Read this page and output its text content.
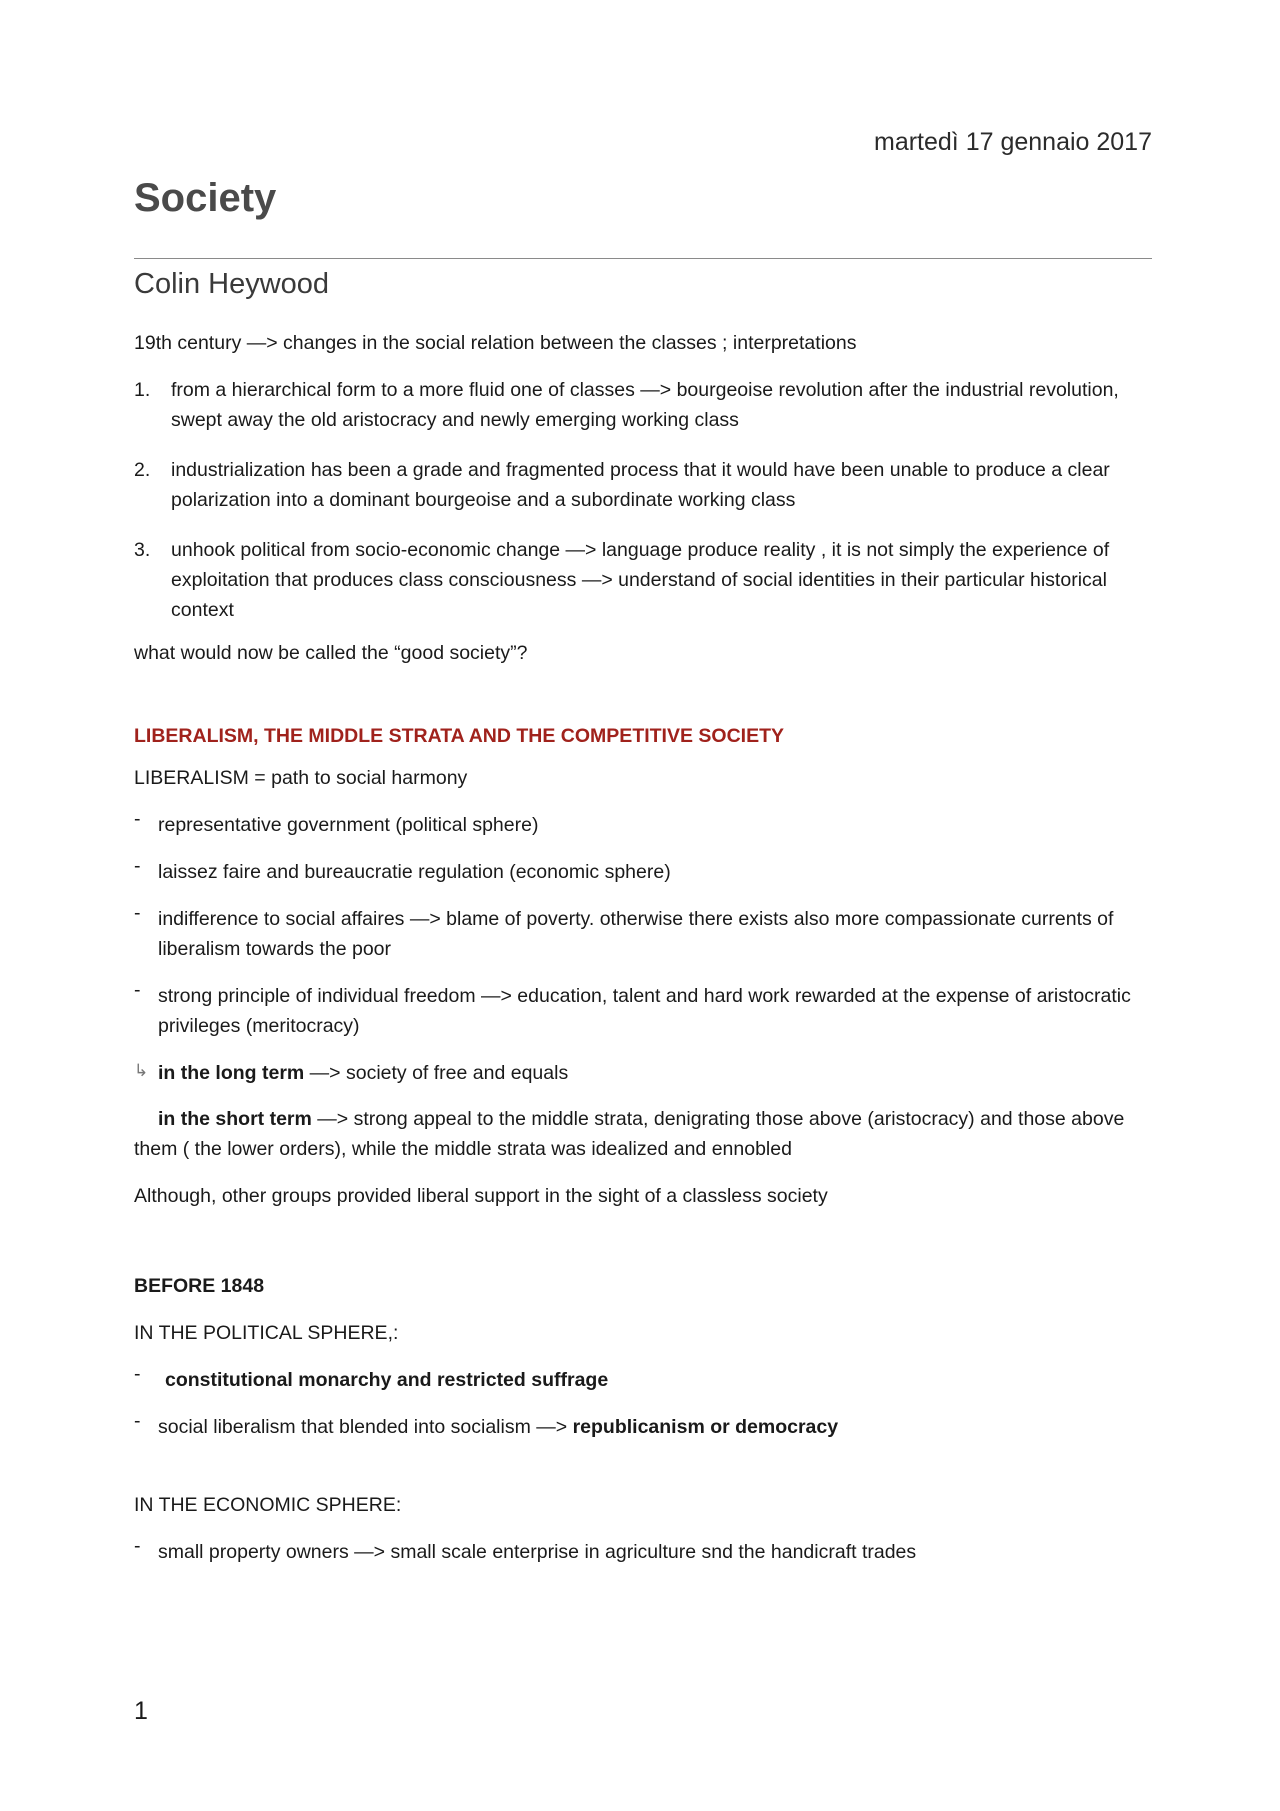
martedì 17 gennaio 2017
Society
Colin Heywood

19th century —> changes in the social relation between the classes ; interpretations

1. from a hierarchical form to a more fluid one of classes —> bourgeoise revolution after the industrial revolution, swept away the old aristocracy and newly emerging working class
2. industrialization has been a grade and fragmented process that it would have been unable to produce a clear polarization into a dominant bourgeoise and a subordinate working class
3. unhook political from socio-economic change —> language produce reality , it is not simply the experience of exploitation that produces class consciousness —> understand of social identities in their particular historical context

what would now be called the “good society”?

LIBERALISM, THE MIDDLE STRATA AND THE COMPETITIVE SOCIETY

LIBERALISM = path to social harmony

- representative government (political sphere)
- laissez faire and bureaucratie regulation (economic sphere)
- indifference to social affaires —> blame of poverty. otherwise there exists also more compassionate currents of liberalism towards the poor
- strong principle of individual freedom —> education, talent and hard work rewarded at the expense of aristocratic privileges (meritocracy)

↳ in the long term —> society of free and equals

in the short term —> strong appeal to the middle strata, denigrating those above (aristocracy) and those above them ( the lower orders), while the middle strata was idealized and ennobled

Although, other groups provided liberal support in the sight of a classless society

BEFORE 1848

IN THE POLITICAL SPHERE,:

- constitutional monarchy and restricted suffrage
- social liberalism that blended into socialism —> republicanism or democracy

IN THE ECONOMIC SPHERE:

- small property owners —> small scale enterprise in agriculture snd the handicraft trades
1
